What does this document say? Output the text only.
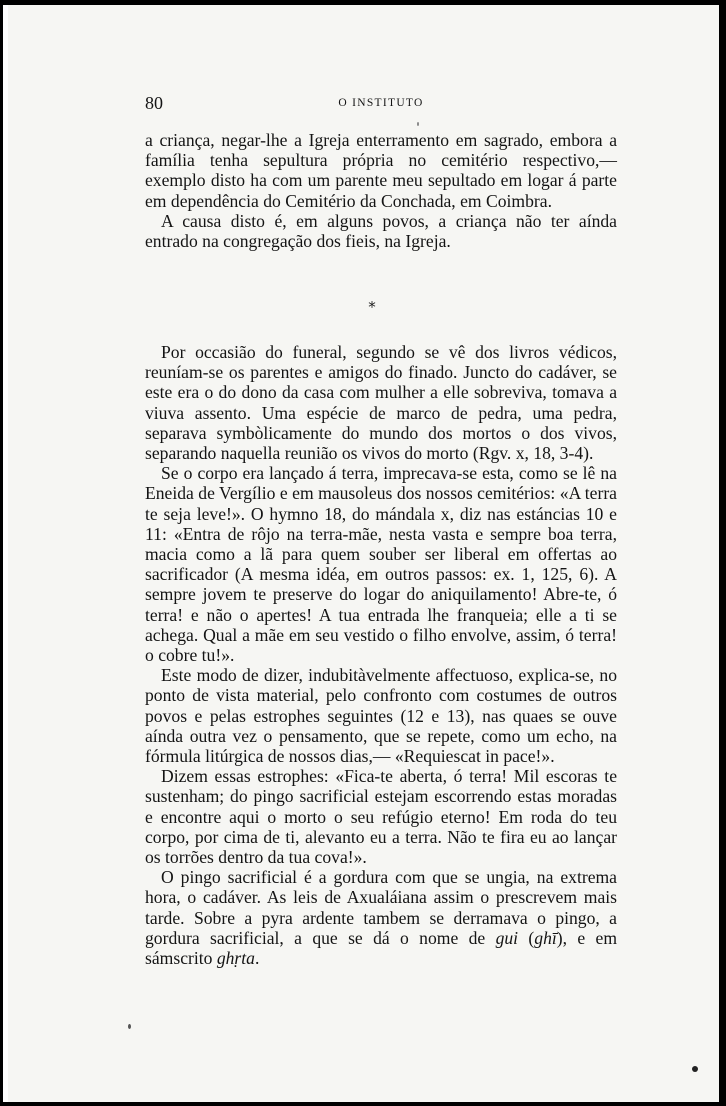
80	O INSTITUTO

a criança, negar-lhe a Igreja enterramento em sagrado, embora a família tenha sepultura própria no cemitério respectivo,— exemplo disto ha com um parente meu sepultado em logar á parte em dependência do Cemitério da Conchada, em Coimbra.

A causa disto é, em alguns povos, a criança não ter aínda entrado na congregação dos fieis, na Igreja.

*

Por occasião do funeral, segundo se vê dos livros védicos, reuníam-se os parentes e amigos do finado. Juncto do cadáver, se este era o do dono da casa com mulher a elle sobreviva, tomava a viuva assento. Uma espécie de marco de pedra, uma pedra, separava symbòlicamente do mundo dos mortos o dos vivos, separando naquella reunião os vivos do morto (Rgv. x, 18, 3-4).

Se o corpo era lançado á terra, imprecava-se esta, como se lê na Eneida de Vergílio e em mausoleus dos nossos cemitérios: «A terra te seja leve!». O hymno 18, do mándala x, diz nas estáncias 10 e 11: «Entra de rôjo na terra-mãe, nesta vasta e sempre boa terra, macia como a lã para quem souber ser liberal em offertas ao sacrificador (A mesma idéa, em outros passos: ex. 1, 125, 6). A sempre jovem te preserve do logar do aniquilamento! Abre-te, ó terra! e não o apertes! A tua entrada lhe franqueia; elle a ti se achega. Qual a mãe em seu vestido o filho envolve, assim, ó terra! o cobre tu!».

Este modo de dizer, indubitàvelmente affectuoso, explica-se, no ponto de vista material, pelo confronto com costumes de outros povos e pelas estrophes seguintes (12 e 13), nas quaes se ouve aínda outra vez o pensamento, que se repete, como um echo, na fórmula litúrgica de nossos dias,— «Requiescat in pace!».

Dizem essas estrophes: «Fica-te aberta, ó terra! Mil escoras te sustenham; do pingo sacrificial estejam escorrendo estas moradas e encontre aqui o morto o seu refúgio eterno! Em roda do teu corpo, por cima de ti, alevanto eu a terra. Não te fira eu ao lançar os torrões dentro da tua cova!».

O pingo sacrificial é a gordura com que se ungia, na extrema hora, o cadáver. As leis de Axualáiana assim o prescrevem mais tarde. Sobre a pyra ardente tambem se derramava o pingo, a gordura sacrificial, a que se dá o nome de gui (ghī), e em sámscrito ghṛta.
